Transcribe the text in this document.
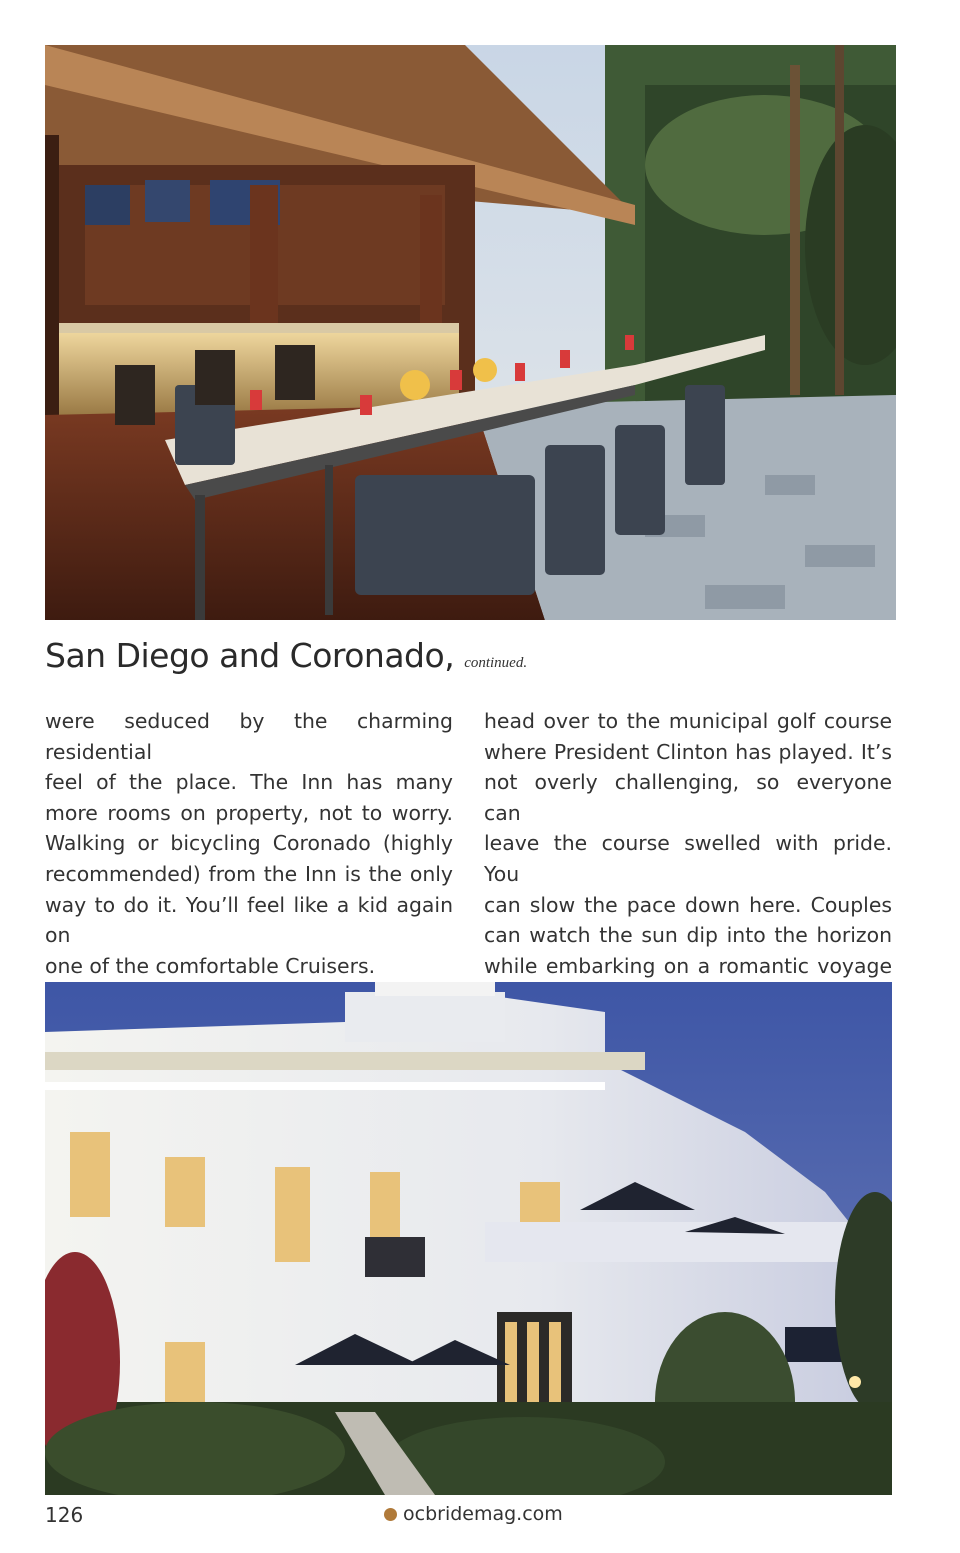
San Diego and Coronado, continued.

were seduced by the charming residential

feel of the place. The Inn has many

more rooms on property, not to worry.

Walking or bicycling Coronado (highly

recommended) from the Inn is the only

way to do it. You’ll feel like a kid again on

one of the comfortable Cruisers.

head over to the municipal golf course

where President Clinton has played. It’s

not overly challenging, so everyone can

leave the course swelled with pride. You

can slow the pace down here. Couples

can watch the sun dip into the horizon

while embarking on a romantic voyage

126	ocbridemag.com
